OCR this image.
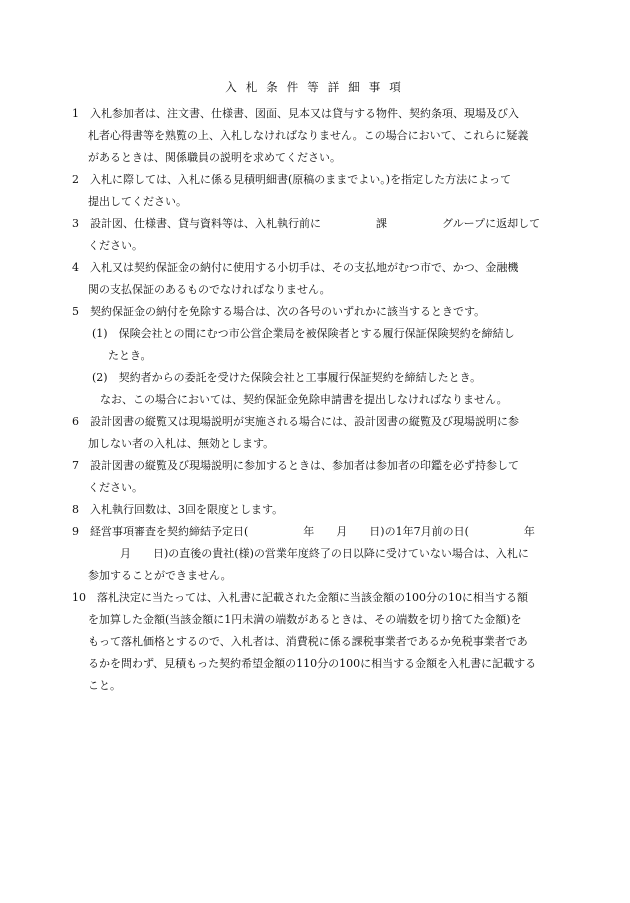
入札条件等詳細事項
1　入札参加者は、注文書、仕様書、図面、見本又は貸与する物件、契約条項、現場及び入
札者心得書等を熟覧の上、入札しなければなりません。この場合において、これらに疑義
があるときは、関係職員の説明を求めてください。
2　入札に際しては、入札に係る見積明細書(原稿のままでよい。)を指定した方法によって
提出してください。
3　設計図、仕様書、貸与資料等は、入札執行前に　　　　　課　　　　　グループに返却して
ください。
4　入札又は契約保証金の納付に使用する小切手は、その支払地がむつ市で、かつ、金融機
関の支払保証のあるものでなければなりません。
5　契約保証金の納付を免除する場合は、次の各号のいずれかに該当するときです。
(1)　保険会社との間にむつ市公営企業局を被保険者とする履行保証保険契約を締結し
たとき。
(2)　契約者からの委託を受けた保険会社と工事履行保証契約を締結したとき。
なお、この場合においては、契約保証金免除申請書を提出しなければなりません。
6　設計図書の縦覧又は現場説明が実施される場合には、設計図書の縦覧及び現場説明に参
加しない者の入札は、無効とします。
7　設計図書の縦覧及び現場説明に参加するときは、参加者は参加者の印鑑を必ず持参して
ください。
8　入札執行回数は、3回を限度とします。
9　経営事項審査を契約締結予定日(　　　　　年　　月　　日)の1年7月前の日(　　　　　年
月　　日)の直後の貴社(様)の営業年度終了の日以降に受けていない場合は、入札に
参加することができません。
10　落札決定に当たっては、入札書に記載された金額に当該金額の100分の10に相当する額
を加算した金額(当該金額に1円未満の端数があるときは、その端数を切り捨てた金額)を
もって落札価格とするので、入札者は、消費税に係る課税事業者であるか免税事業者であ
るかを問わず、見積もった契約希望金額の110分の100に相当する金額を入札書に記載する
こと。
